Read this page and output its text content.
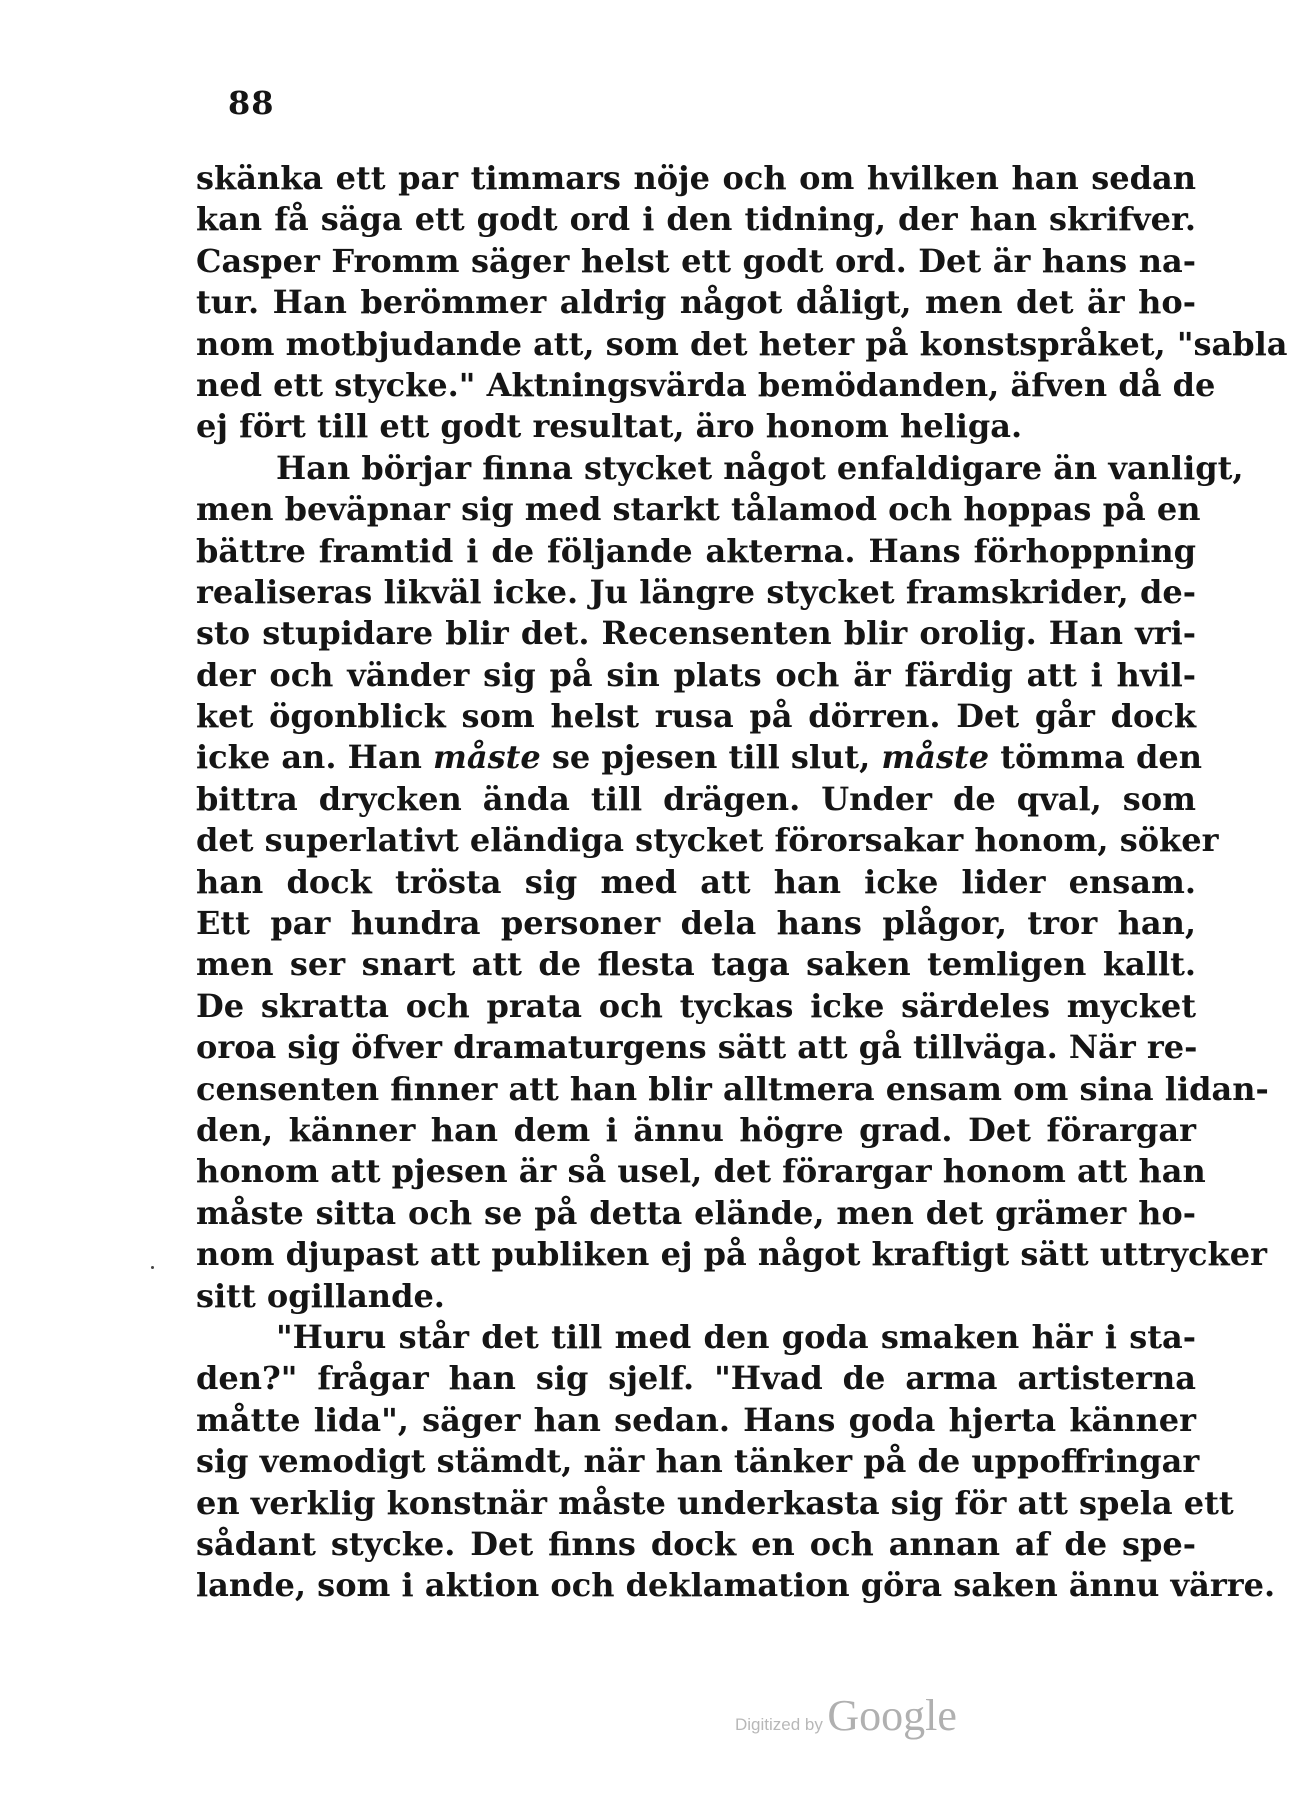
88
skänka ett par timmars nöje och om hvilken han sedan
kan få säga ett godt ord i den tidning, der han skrifver.
Casper Fromm säger helst ett godt ord. Det är hans na-
tur. Han berömmer aldrig något dåligt, men det är ho-
nom motbjudande att, som det heter på konstspråket, "sabla
ned ett stycke." Aktningsvärda bemödanden, äfven då de
ej fört till ett godt resultat, äro honom heliga.
Han börjar finna stycket något enfaldigare än vanligt,
men beväpnar sig med starkt tålamod och hoppas på en
bättre framtid i de följande akterna. Hans förhoppning
realiseras likväl icke. Ju längre stycket framskrider, de-
sto stupidare blir det. Recensenten blir orolig. Han vri-
der och vänder sig på sin plats och är färdig att i hvil-
ket ögonblick som helst rusa på dörren. Det går dock
icke an. Han måste se pjesen till slut, måste tömma den
bittra drycken ända till drägen. Under de qval, som
det superlativt eländiga stycket förorsakar honom, söker
han dock trösta sig med att han icke lider ensam.
Ett par hundra personer dela hans plågor, tror han,
men ser snart att de flesta taga saken temligen kallt.
De skratta och prata och tyckas icke särdeles mycket
oroa sig öfver dramaturgens sätt att gå tillväga. När re-
censenten finner att han blir alltmera ensam om sina lidan-
den, känner han dem i ännu högre grad. Det förargar
honom att pjesen är så usel, det förargar honom att han
måste sitta och se på detta elände, men det grämer ho-
nom djupast att publiken ej på något kraftigt sätt uttrycker
sitt ogillande.
"Huru står det till med den goda smaken här i sta-
den?" frågar han sig sjelf. "Hvad de arma artisterna
måtte lida", säger han sedan. Hans goda hjerta känner
sig vemodigt stämdt, när han tänker på de uppoffringar
en verklig konstnär måste underkasta sig för att spela ett
sådant stycke. Det finns dock en och annan af de spe-
lande, som i aktion och deklamation göra saken ännu värre.
Digitized by Google
